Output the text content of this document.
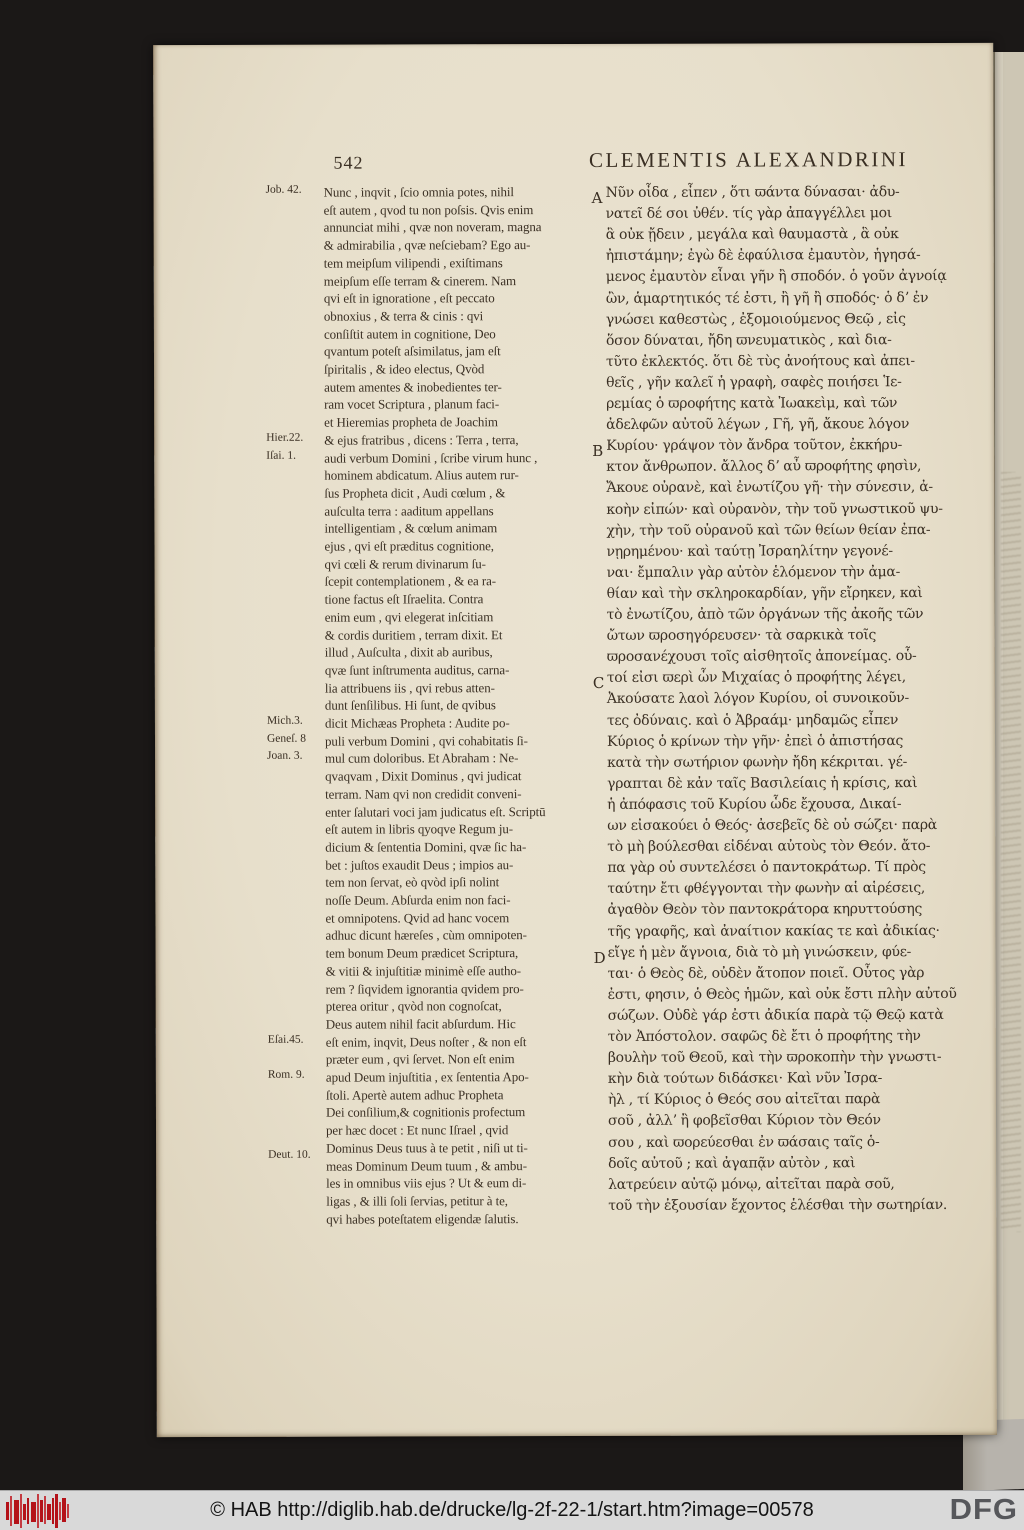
542	CLEMENTIS ALEXANDRINI
Nunc , inqvit , ſcio omnia potes, nihil
eſt autem , qvod tu non poſsis. Qvis enim
annunciat mihi , qvæ non noveram, magna
& admirabilia , qvæ neſciebam? Ego au-
tem meipſum vilipendi , exiſtimans
meipſum eſſe terram & cinerem. Nam
qvi eſt in ignoratione , eſt peccato
obnoxius , & terra & cinis : qvi
conſiſtit autem in cognitione, Deo
qvantum poteſt aſsimilatus, jam eſt
ſpiritalis , & ideo electus, Qvòd
autem amentes & inobedientes ter-
ram vocet Scriptura , planum faci-
et Hieremias propheta de Joachim
& ejus fratribus , dicens : Terra , terra,
audi verbum Domini , ſcribe virum hunc ,
hominem abdicatum. Alius autem rur-
ſus Propheta dicit , Audi cœlum , &
auſculta terra : aaditum appellans
intelligentiam , & cœlum animam
ejus , qvi eſt præditus cognitione,
qvi cœli & rerum divinarum ſu-
ſcepit contemplationem , & ea ra-
tione factus eſt Iſraelita. Contra
enim eum , qvi elegerat inſcitiam
& cordis duritiem , terram dixit. Et
illud , Auſculta , dixit ab auribus,
qvæ ſunt inſtrumenta auditus, carna-
lia attribuens iis , qvi rebus atten-
dunt ſenſilibus. Hi ſunt, de qvibus
dicit Michæas Propheta : Audite po-
puli verbum Domini , qvi cohabitatis ſi-
mul cum doloribus. Et Abraham : Ne-
qvaqvam , Dixit Dominus , qvi judicat
terram. Nam qvi non credidit conveni-
enter ſalutari voci jam judicatus eſt. Scriptū
eſt autem in libris qyoqve Regum ju-
dicium & ſententia Domini, qvæ ſic ha-
bet : juſtos exaudit Deus ; impios au-
tem non ſervat, eò qvòd ipſi nolint
noſſe Deum. Abſurda enim non faci-
et omnipotens. Qvid ad hanc vocem
adhuc dicunt hæreſes , cùm omnipoten-
tem bonum Deum prædicet Scriptura,
& vitii & injuſtitiæ minimè eſſe autho-
rem ? ſiqvidem ignorantia qvidem pro-
pterea oritur , qvòd non cognoſcat,
Deus autem nihil facit abſurdum. Hic
eſt enim, inqvit, Deus noſter , & non eſt
præter eum , qvi ſervet. Non eſt enim
apud Deum injuſtitia , ex ſententia Apo-
ſtoli. Apertè autem adhuc Propheta
Dei conſilium,& cognitionis profectum
per hæc docet : Et nunc Iſrael , qvid
Dominus Deus tuus à te petit , niſi ut ti-
meas Dominum Deum tuum , & ambu-
les in omnibus viis ejus ? Ut & eum di-
ligas , & illi ſoli ſervias, petitur à te,
qvi habes poteſtatem eligendæ ſalutis.
Νῦν οἶδα , εἶπεν , ὅτι ϖάντα δύνασαι· ἀδυ-
νατεῖ δέ σοι ὐθέν. τίς γὰρ ἀπαγγέλλει μοι
ἃ οὐκ ᾔδειν , μεγάλα καὶ θαυμαστὰ , ἃ οὐκ
ἠπιστάμην; ἐγὼ δὲ ἐφαύλισα ἐμαυτὸν, ἡγησά-
μενος ἐμαυτὸν εἶναι γῆν ἢ σποδόν. ὁ γοῦν ἀγνοίᾳ
ὢν, ἁμαρτητικός τέ ἐστι, ἢ γῆ ἢ σποδός· ὁ δʼ ἐν
γνώσει καθεστὼς , ἐξομοιούμενος Θεῷ , εἰς
ὅσον δύναται, ἤδη ϖνευματικὸς , καὶ δια-
τῦτο ἐκλεκτός. ὅτι δὲ τὺς ἀνοήτους καὶ ἀπει-
θεῖς , γῆν καλεῖ ἡ γραφὴ, σαφὲς ποιήσει Ἱε-
ρεμίας ὁ ϖροφήτης κατὰ Ἰωακεὶμ, καὶ τῶν
ἀδελφῶν αὐτοῦ λέγων , Γῆ, γῆ, ἄκουε λόγον
Κυρίου· γράψον τὸν ἄνδρα τοῦτον, ἐκκήρυ-
κτον ἄνθρωπον. ἄλλος δʼ αὖ ϖροφήτης φησὶν,
Ἄκουε οὐρανὲ, καὶ ἐνωτίζου γῆ· τὴν σύνεσιν, ἀ-
κοὴν εἰπών· καὶ οὐρανὸν, τὴν τοῦ γνωστικοῦ ψυ-
χὴν, τὴν τοῦ οὐρανοῦ καὶ τῶν θείων θείαν ἐπα-
νῃρημένου· καὶ ταύτῃ Ἰσραηλίτην γεγονέ-
ναι· ἔμπαλιν γὰρ αὐτὸν ἑλόμενον τὴν ἀμα-
θίαν καὶ τὴν σκληροκαρδίαν, γῆν εἴρηκεν, καὶ
τὸ ἐνωτίζου, ἀπὸ τῶν ὀργάνων τῆς ἀκοῆς τῶν
ὤτων ϖροσηγόρευσεν· τὰ σαρκικὰ τοῖς
ϖροσανέχουσι τοῖς αἰσθητοῖς ἀπονείμας. οὗ-
τοί εἰσι ϖερὶ ὧν Μιχαίας ὁ προφήτης λέγει,
Ἀκούσατε λαοὶ λόγον Κυρίου, οἱ συνοικοῦν-
τες ὀδύναις. καὶ ὁ Ἀβραάμ· μηδαμῶς εἶπεν
Κύριος ὁ κρίνων τὴν γῆν· ἐπεὶ ὁ ἀπιστήσας
κατὰ τὴν σωτήριον φωνὴν ἤδη κέκριται. γέ-
γραπται δὲ κἀν ταῖς Βασιλείαις ἡ κρίσις, καὶ
ἡ ἀπόφασις τοῦ Κυρίου ὧδε ἔχουσα, Δικαί-
ων εἰσακούει ὁ Θεός· ἀσεβεῖς δὲ οὐ σώζει· παρὰ
τὸ μὴ βούλεσθαι εἰδέναι αὐτοὺς τὸν Θεόν. ἄτο-
πα γὰρ οὐ συντελέσει ὁ παντοκράτωρ. Τί πρὸς
ταύτην ἔτι φθέγγονται τὴν φωνὴν αἱ αἱρέσεις,
ἀγαθὸν Θεὸν τὸν παντοκράτορα κηρυττούσης
τῆς γραφῆς, καὶ ἀναίτιον κακίας τε καὶ ἀδικίας·
εἴγε ἡ μὲν ἄγνοια, διὰ τὸ μὴ γινώσκειν, φύε-
ται· ὁ Θεὸς δὲ, οὐδὲν ἄτοπον ποιεῖ. Οὗτος γὰρ
ἐστι, φησιν, ὁ Θεὸς ἡμῶν, καὶ οὐκ ἔστι πλὴν αὐτοῦ
σώζων. Οὐδὲ γάρ ἐστι ἀδικία παρὰ τῷ Θεῷ κατὰ
τὸν Ἀπόστολον. σαφῶς δὲ ἔτι ὁ προφήτης τὴν
βουλὴν τοῦ Θεοῦ, καὶ τὴν ϖροκοπὴν τὴν γνωστι-
κὴν διὰ τούτων διδάσκει· Καὶ νῦν Ἰσρα-
ὴλ , τί Κύριος ὁ Θεός σου αἰτεῖται παρὰ
σοῦ , ἀλλʼ ἢ φοβεῖσθαι Κύριον τὸν Θεόν
σου , καὶ ϖορεύεσθαι ἐν ϖάσαις ταῖς ὁ-
δοῖς αὐτοῦ ; καὶ ἀγαπᾷν αὐτὸν , καὶ
λατρεύειν αὐτῷ μόνῳ, αἰτεῖται παρὰ σοῦ,
τοῦ τὴν ἐξουσίαν ἔχοντος ἑλέσθαι τὴν σωτηρίαν.
Job. 42.
Hier.22.
Iſai. 1.
Mich.3.
Geneſ. 8
Joan. 3.
Eſai.45.
Rom. 9.
Deut. 10.
A
B
C
D
© HAB http://diglib.hab.de/drucke/lg-2f-22-1/start.htm?image=00578	DFG
